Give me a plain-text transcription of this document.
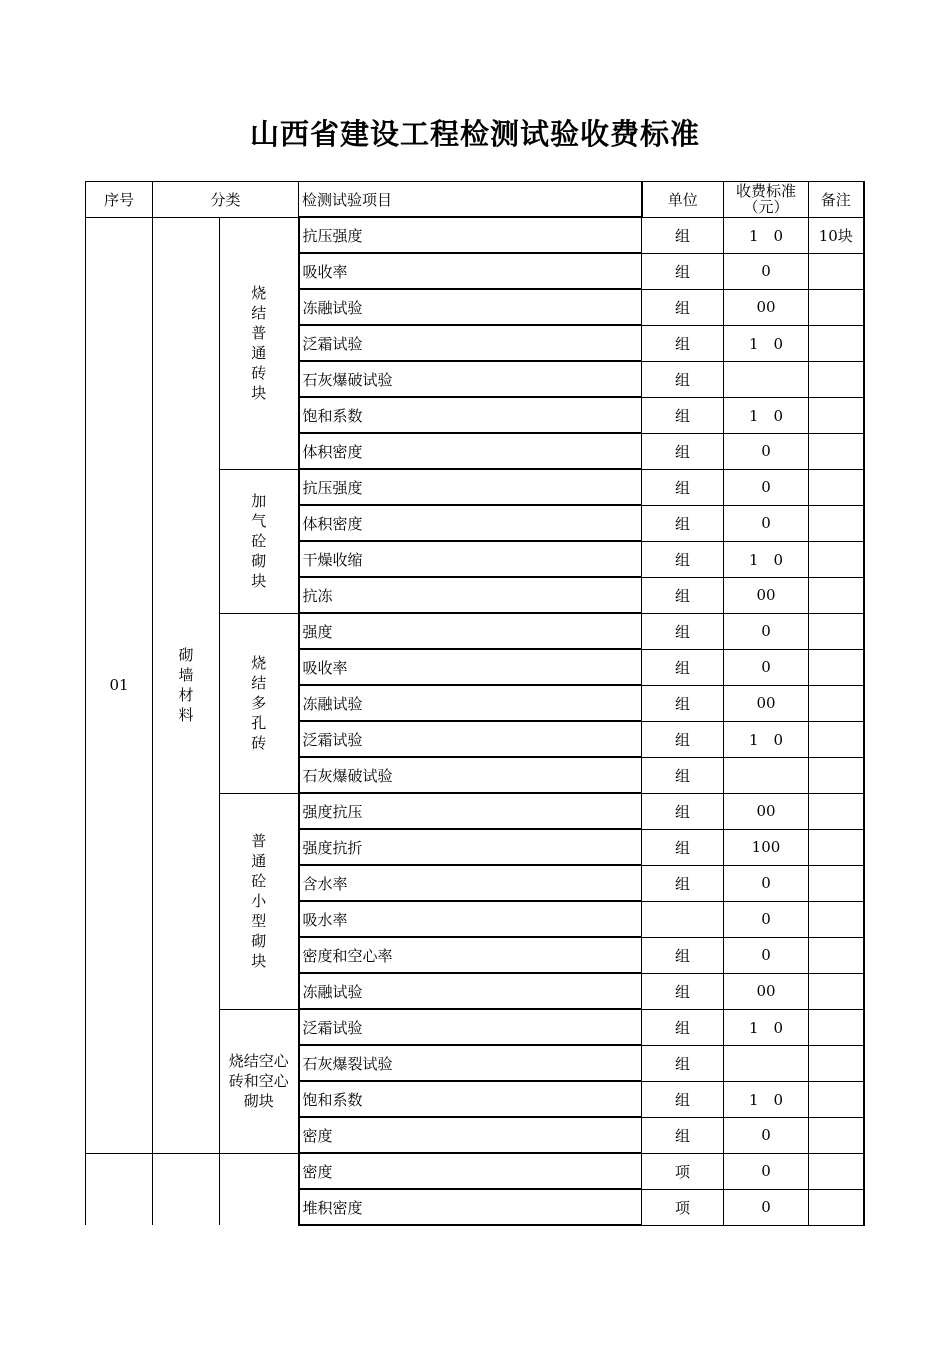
山西省建设工程检测试验收费标准
序号	分类		检测试验项目	单位	收费标准（元）	备注
01	砌墙材料	烧结普通砖块	抗压强度	组	1　0	10块
			吸收率	组	0	
			冻融试验	组	00	
			泛霜试验	组	1　0	
			石灰爆破试验	组		
			饱和系数	组	1　0	
			体积密度	组	0	
		加气砼砌块	抗压强度	组	0	
			体积密度	组	0	
			干燥收缩	组	1　0	
			抗冻	组	00	
		烧结多孔砖	强度	组	0	
			吸收率	组	0	
			冻融试验	组	00	
			泛霜试验	组	1　0	
			石灰爆破试验	组		
		普通砼小型砌块	强度抗压	组	00	
			强度抗折	组	100	
			含水率	组	0	
			吸水率		0	
			密度和空心率	组	0	
			冻融试验	组	00	

		烧结空心砖和空心砌块	泛霜试验	组	1　0	
			石灰爆裂试验	组		
			饱和系数	组	1　0	
			密度	组	0	
			密度	项	0	
			堆积密度	项	0	
